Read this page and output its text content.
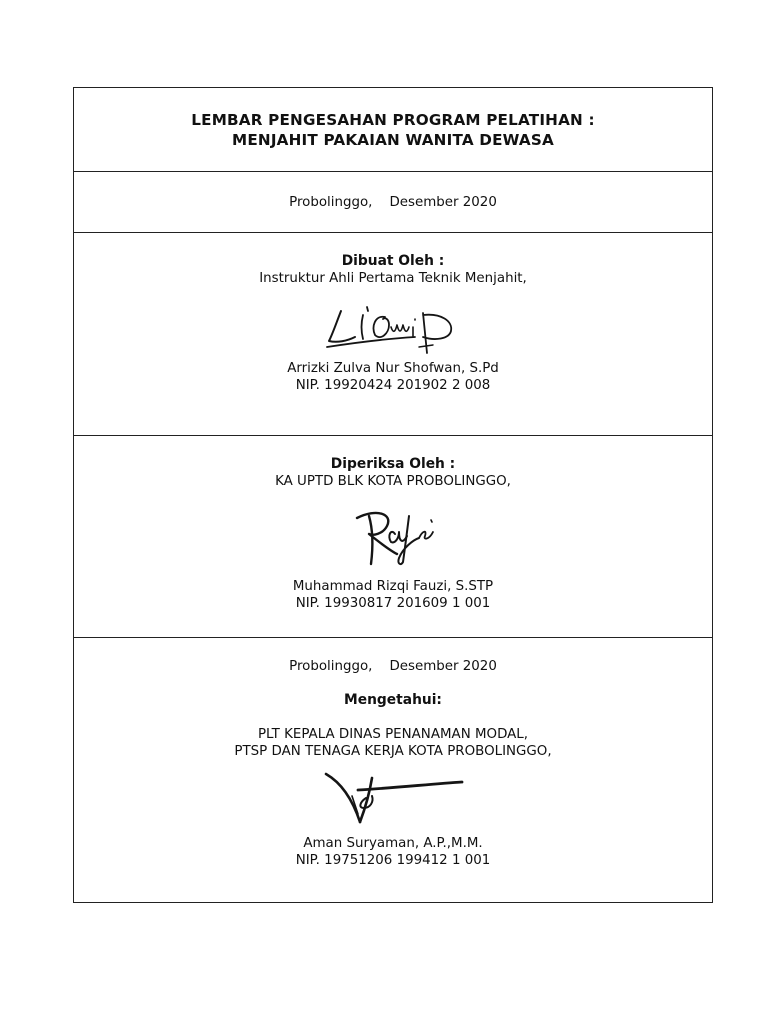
LEMBAR PENGESAHAN PROGRAM PELATIHAN :
MENJAHIT PAKAIAN WANITA DEWASA
Probolinggo,    Desember 2020
Dibuat Oleh :
Instruktur Ahli Pertama Teknik Menjahit,
Arrizki Zulva Nur Shofwan, S.Pd
NIP. 19920424 201902 2 008
Diperiksa Oleh :
KA UPTD BLK KOTA PROBOLINGGO,
Muhammad Rizqi Fauzi, S.STP
NIP. 19930817 201609 1 001
Probolinggo,    Desember 2020
Mengetahui:
PLT KEPALA DINAS PENANAMAN MODAL,
PTSP DAN TENAGA KERJA KOTA PROBOLINGGO,
Aman Suryaman, A.P.,M.M.
NIP. 19751206 199412 1 001
